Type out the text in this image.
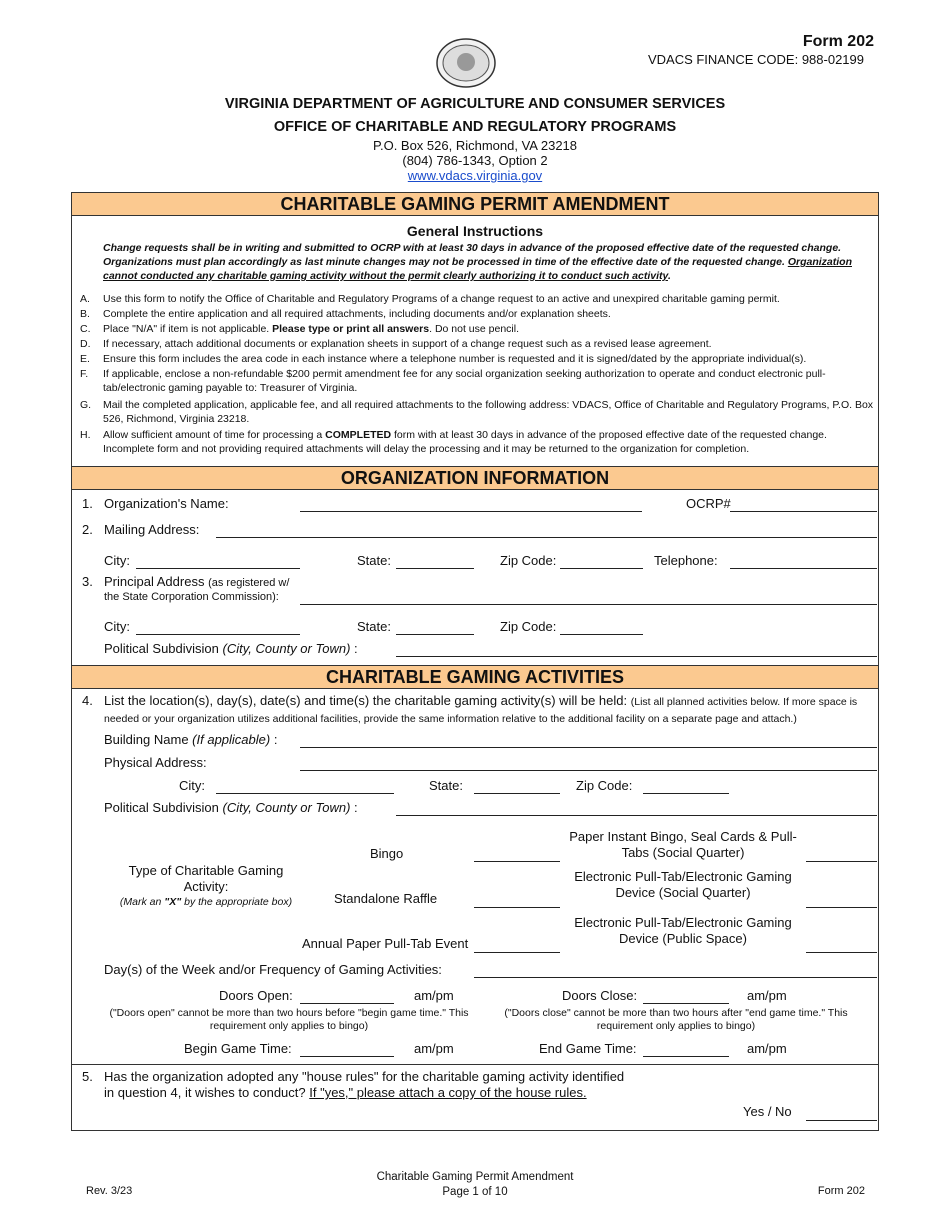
Form 202
VDACS FINANCE CODE: 988-02199
VIRGINIA DEPARTMENT OF AGRICULTURE AND CONSUMER SERVICES
OFFICE OF CHARITABLE AND REGULATORY PROGRAMS
P.O. Box 526, Richmond, VA 23218
(804) 786-1343, Option 2
www.vdacs.virginia.gov
CHARITABLE GAMING PERMIT AMENDMENT
General Instructions
Change requests shall be in writing and submitted to OCRP with at least 30 days in advance of the proposed effective date of the requested change. Organizations must plan accordingly as last minute changes may not be processed in time of the effective date of the requested change. Organization cannot conducted any charitable gaming activity without the permit clearly authorizing it to conduct such activity.
A. Use this form to notify the Office of Charitable and Regulatory Programs of a change request to an active and unexpired charitable gaming permit.
B. Complete the entire application and all required attachments, including documents and/or explanation sheets.
C. Place "N/A" if item is not applicable. Please type or print all answers. Do not use pencil.
D. If necessary, attach additional documents or explanation sheets in support of a change request such as a revised lease agreement.
E. Ensure this form includes the area code in each instance where a telephone number is requested and it is signed/dated by the appropriate individual(s).
F. If applicable, enclose a non-refundable $200 permit amendment fee for any social organization seeking authorization to operate and conduct electronic pull-tab/electronic gaming payable to: Treasurer of Virginia.
G. Mail the completed application, applicable fee, and all required attachments to the following address: VDACS, Office of Charitable and Regulatory Programs, P.O. Box 526, Richmond, Virginia 23218.
H. Allow sufficient amount of time for processing a COMPLETED form with at least 30 days in advance of the proposed effective date of the requested change. Incomplete form and not providing required attachments will delay the processing and it may be returned to the organization for completion.
ORGANIZATION INFORMATION
1. Organization's Name:	OCRP#
2. Mailing Address:
City:	State:	Zip Code:	Telephone:
3. Principal Address (as registered w/
the State Corporation Commission):
City:	State:	Zip Code:
Political Subdivision (City, County or Town) :
CHARITABLE GAMING ACTIVITIES
4. List the location(s), day(s), date(s) and time(s) the charitable gaming activity(s) will be held: (List all planned activities below. If more space is needed or your organization utilizes additional facilities, provide the same information relative to the additional facility on a separate page and attach.)
Building Name (If applicable) :
Physical Address:
City:	State:	Zip Code:
Political Subdivision (City, County or Town) :
Type of Charitable Gaming Activity:
(Mark an "X" by the appropriate box)
Bingo
Standalone Raffle
Annual Paper Pull-Tab Event
Paper Instant Bingo, Seal Cards & Pull-Tabs (Social Quarter)
Electronic Pull-Tab/Electronic Gaming Device (Social Quarter)
Electronic Pull-Tab/Electronic Gaming Device (Public Space)
Day(s) of the Week and/or Frequency of Gaming Activities:
Doors Open:	am/pm
("Doors open" cannot be more than two hours before "begin game time." This requirement only applies to bingo)
Doors Close:	am/pm
("Doors close" cannot be more than two hours after "end game time." This requirement only applies to bingo)
Begin Game Time:	am/pm	End Game Time:	am/pm
5. Has the organization adopted any "house rules" for the charitable gaming activity identified
in question 4, it wishes to conduct? If "yes," please attach a copy of the house rules.
Yes / No
Rev. 3/23
Charitable Gaming Permit Amendment
Page 1 of 10	Form 202
